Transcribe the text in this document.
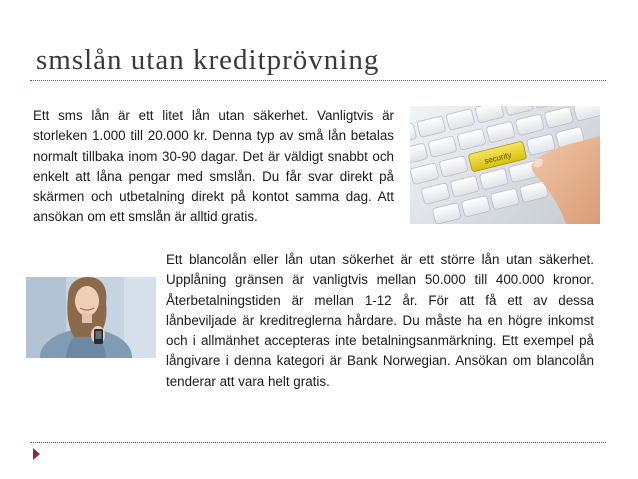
smslån utan kreditprövning

Ett sms lån är ett litet lån utan säkerhet. Vanligtvis är storleken 1.000 till 20.000 kr. Denna typ av små lån betalas normalt tillbaka inom 30-90 dagar. Det är väldigt snabbt och enkelt att låna pengar med smslån. Du får svar direkt på skärmen och utbetalning direkt på kontot samma dag. Att ansökan om ett smslån är alltid gratis.

security

Ett blancolån eller lån utan sökerhet är ett större lån utan säkerhet. Upplåning gränsen är vanligtvis mellan 50.000 till 400.000 kronor. Återbetalningstiden är mellan 1-12 år. För att få ett av dessa lånbeviljade är kreditreglerna hårdare. Du måste ha en högre inkomst och i allmänhet accepteras inte betalningsanmärkning. Ett exempel på långivare i denna kategori är Bank Norwegian. Ansökan om blancolån tenderar att vara helt gratis.
